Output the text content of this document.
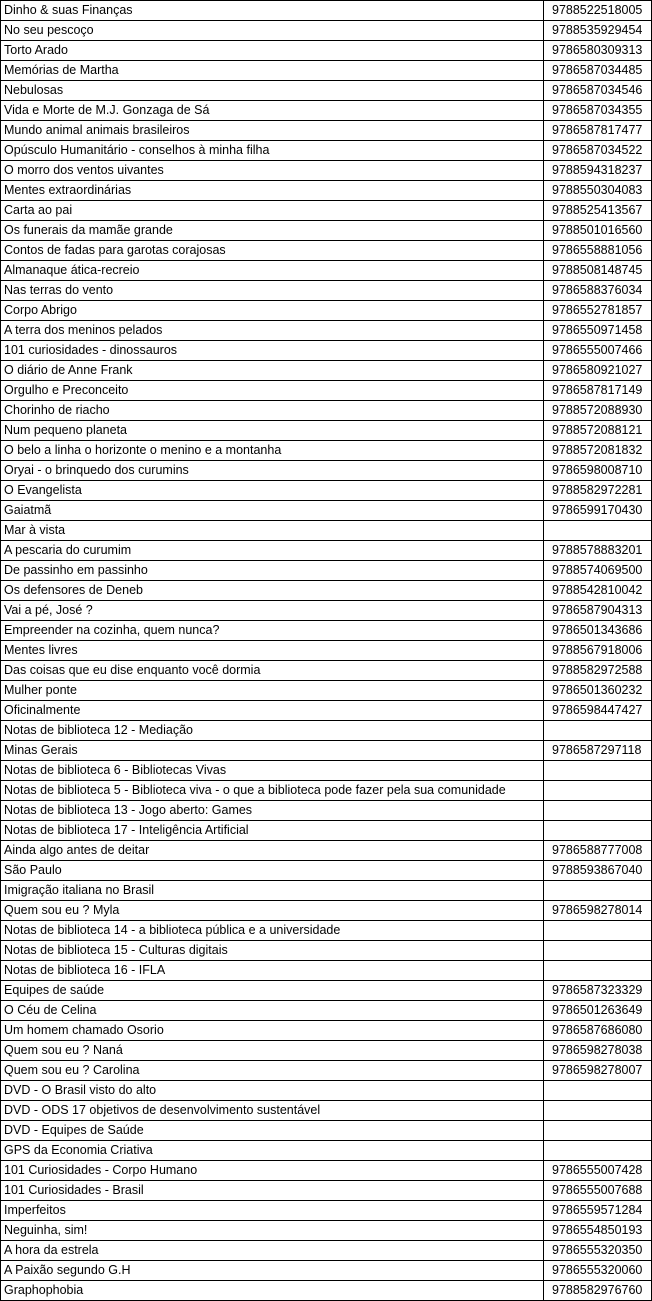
Dinho & suas Finanças	9788522518005
No seu pescoço	9788535929454
Torto Arado	9786580309313
Memórias de Martha	9786587034485
Nebulosas	9786587034546
Vida e Morte de M.J. Gonzaga de Sá	9786587034355
Mundo animal animais brasileiros	9786587817477
Opúsculo Humanitário - conselhos à minha filha	9786587034522
O morro dos ventos uivantes	9788594318237
Mentes extraordinárias	9788550304083
Carta ao pai	9788525413567
Os funerais da mamãe grande	9788501016560
Contos de fadas para garotas corajosas	9786558881056
Almanaque ática-recreio	9788508148745
Nas terras do vento	9786588376034
Corpo Abrigo	9786552781857
A terra dos meninos pelados	9786550971458
101 curiosidades - dinossauros	9786555007466
O diário de Anne Frank	9786580921027
Orgulho e Preconceito	9786587817149
Chorinho de riacho	9788572088930
Num pequeno planeta	9788572088121
O belo a linha o horizonte o menino e a montanha	9788572081832
Oryai - o brinquedo dos curumins	9786598008710
O Evangelista	9788582972281
Gaiatmã	9786599170430
Mar à vista	
A pescaria do curumim	9788578883201
De passinho em passinho	9788574069500
Os defensores de Deneb	9788542810042
Vai a pé, José ?	9786587904313
Empreender na cozinha, quem nunca?	9786501343686
Mentes livres	9788567918006
Das coisas que eu dise enquanto você dormia	9788582972588
Mulher ponte	9786501360232
Oficinalmente	9786598447427
Notas de biblioteca 12 - Mediação	
Minas Gerais	9786587297118
Notas de biblioteca 6 - Bibliotecas Vivas	
Notas de biblioteca 5 - Biblioteca viva - o que a biblioteca pode fazer pela sua comunidade	
Notas de biblioteca 13 - Jogo aberto: Games	
Notas de biblioteca 17 - Inteligência Artificial	
Ainda algo antes de deitar	9786588777008
São Paulo	9788593867040
Imigração italiana no Brasil	
Quem sou eu ? Myla	9786598278014
Notas de biblioteca 14 - a biblioteca pública e a universidade	
Notas de biblioteca 15 - Culturas digitais	
Notas de biblioteca 16 - IFLA	
Equipes de saúde	9786587323329
O Céu de Celina	9786501263649
Um homem chamado Osorio	9786587686080
Quem sou eu ? Naná	9786598278038
Quem sou eu ? Carolina	9786598278007
DVD - O Brasil visto do alto	
DVD - ODS 17 objetivos de desenvolvimento sustentável	
DVD - Equipes de Saúde	
GPS da Economia Criativa	
101 Curiosidades - Corpo Humano	9786555007428
101 Curiosidades - Brasil	9786555007688
Imperfeitos	9786559571284
Neguinha, sim!	9786554850193
A hora da estrela	9786555320350
A Paixão segundo G.H	9786555320060
Graphophobia	9788582976760
